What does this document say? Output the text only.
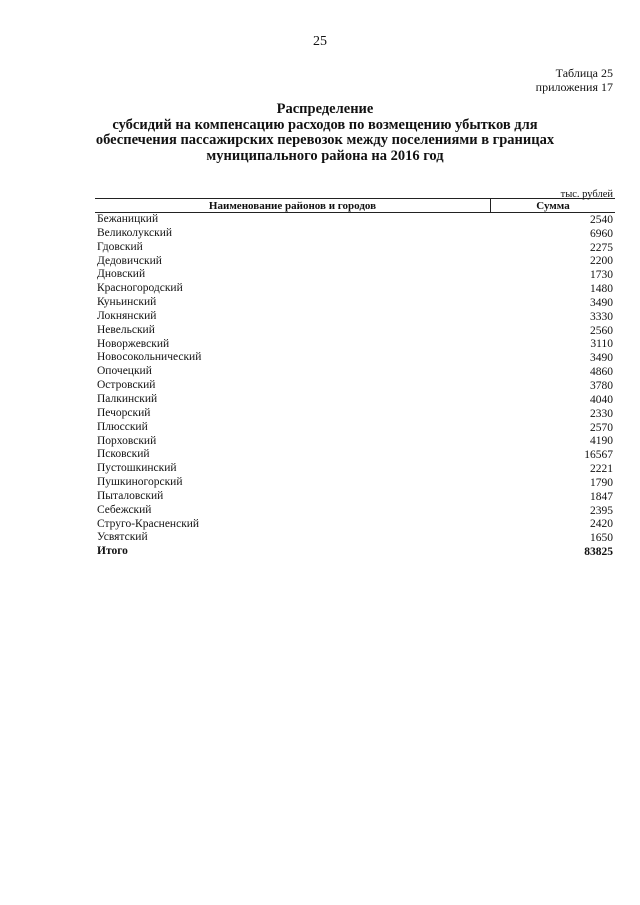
25
Таблица 25
приложения 17
Распределение
субсидий на компенсацию расходов по возмещению убытков для
обеспечения пассажирских перевозок между поселениями в границах
муниципального района на 2016 год
тыс. рублей
Наименование районов и городов	Сумма
Бежаницкий	2540
Великолукский	6960
Гдовский	2275
Дедовичский	2200
Дновский	1730
Красногородский	1480
Куньинский	3490
Локнянский	3330
Невельский	2560
Новоржевский	3110
Новосокольнический	3490
Опочецкий	4860
Островский	3780
Палкинский	4040
Печорский	2330
Плюсский	2570
Порховский	4190
Псковский	16567
Пустошкинский	2221
Пушкиногорский	1790
Пыталовский	1847
Себежский	2395
Струго-Красненский	2420
Усвятский	1650
Итого	83825
